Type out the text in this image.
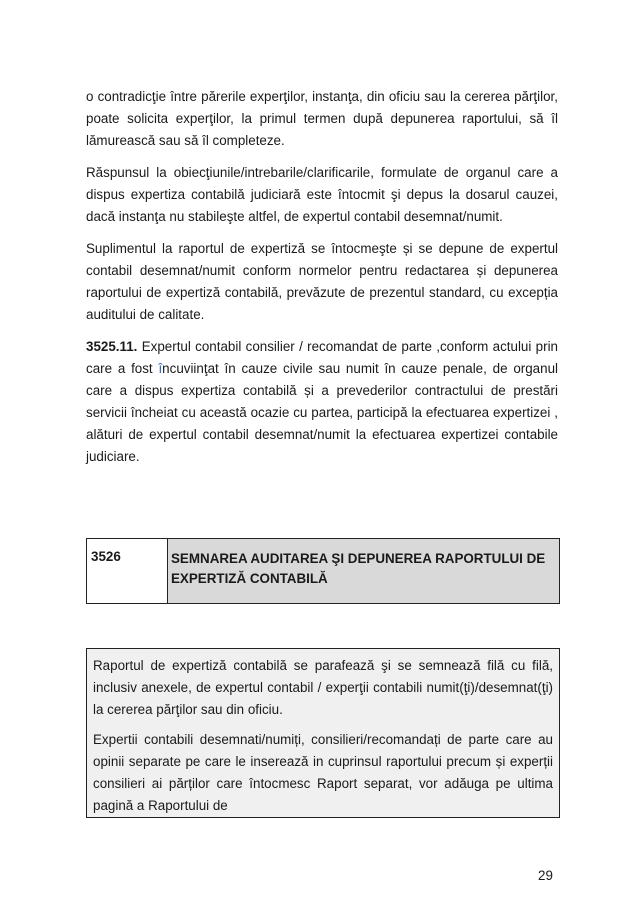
o contradicţie între părerile experţilor, instanţa, din oficiu sau la cererea părţilor, poate solicita experţilor, la primul termen după depunerea raportului, să îl lămurească sau să îl completeze.

Răspunsul la obiecţiunile/intrebarile/clarificarile, formulate de organul care a dispus expertiza contabilă judiciară este întocmit şi depus la dosarul cauzei, dacă instanţa nu stabileşte altfel, de expertul contabil desemnat/numit.

Suplimentul la raportul de expertiză se întocmeşte și se depune de expertul contabil desemnat/numit conform normelor pentru redactarea și depunerea raportului de expertiză contabilă, prevăzute de prezentul standard, cu excepția auditului de calitate.

3525.11. Expertul contabil consilier / recomandat de parte ,conform actului prin care a fost încuviinţat în cauze civile sau numit în cauze penale, de organul care a dispus expertiza contabilă și a prevederilor contractului de prestări servicii încheiat cu această ocazie cu partea, participă la efectuarea expertizei , alături de expertul contabil desemnat/numit la efectuarea expertizei contabile judiciare.

3526	SEMNAREA AUDITAREA ŞI DEPUNEREA RAPORTULUI DE EXPERTIZĂ CONTABILĂ

Raportul de expertiză contabilă se parafează şi se semnează filă cu filă, inclusiv anexele, de expertul contabil / experţii contabili numit(ţi)/desemnat(ţi) la cererea părţilor sau din oficiu.

Expertii contabili desemnati/numiți, consilieri/recomandați de parte care au opinii separate pe care le inserează in cuprinsul raportului precum și experții consilieri ai părților care întocmesc Raport separat, vor adăuga pe ultima pagină a Raportului de

29
